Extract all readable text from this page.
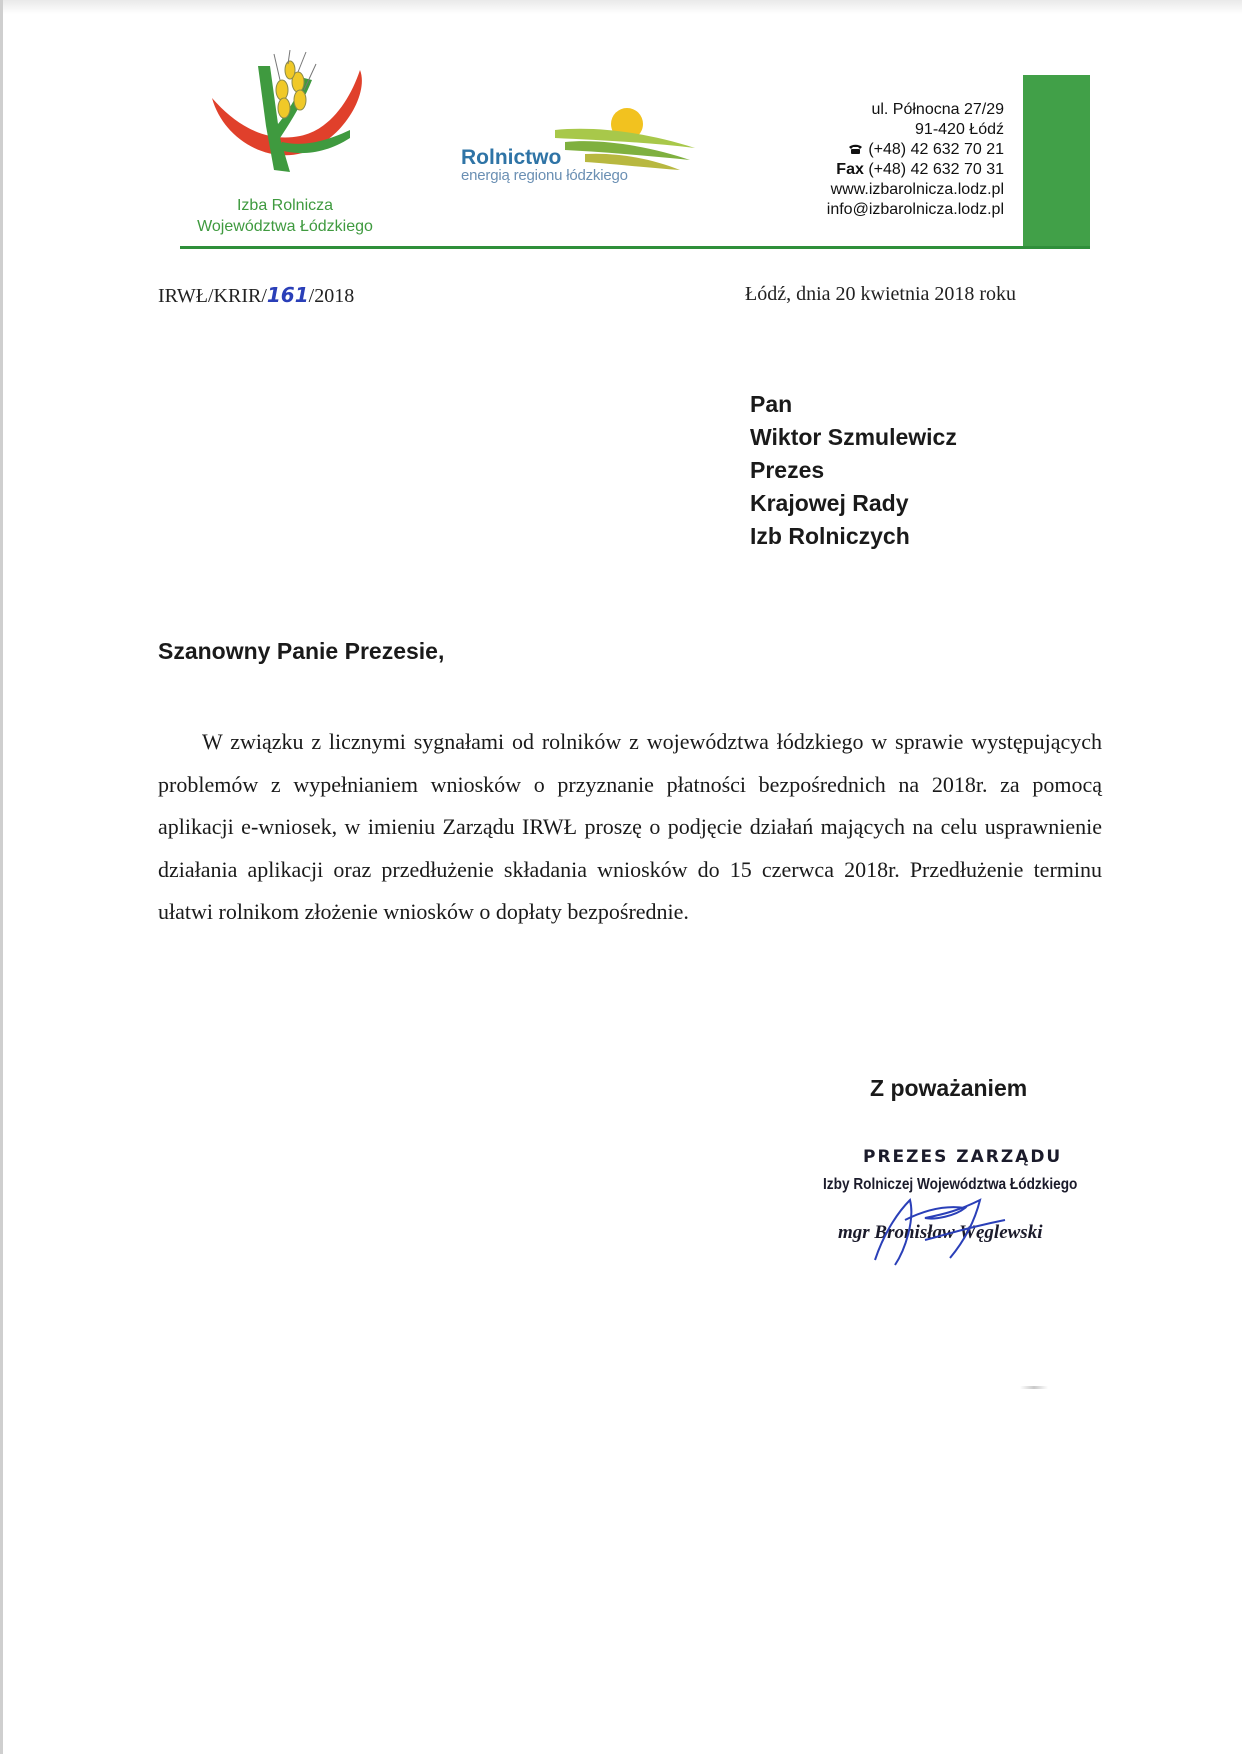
Izba Rolnicza
Województwa Łódzkiego
Rolnictwo
energią regionu łódzkiego
ul. Północna 27/29
91-420 Łódź
(+48) 42 632 70 21
Fax (+48) 42 632 70 31
www.izbarolnicza.lodz.pl
info@izbarolnicza.lodz.pl
IRWŁ/KRIR/161/2018	Łódź, dnia 20 kwietnia 2018 roku
Pan
Wiktor Szmulewicz
Prezes
Krajowej Rady
Izb Rolniczych
Szanowny Panie Prezesie,
W związku z licznymi sygnałami od rolników z województwa łódzkiego w sprawie występujących problemów z wypełnianiem wniosków o przyznanie płatności bezpośrednich na 2018r. za pomocą aplikacji e-wniosek, w imieniu Zarządu IRWŁ proszę o podjęcie działań mających na celu usprawnienie działania aplikacji oraz przedłużenie składania wniosków do 15 czerwca 2018r. Przedłużenie terminu ułatwi rolnikom złożenie wniosków o dopłaty bezpośrednie.
Z poważaniem
PREZES ZARZĄDU
Izby Rolniczej Województwa Łódzkiego
mgr Bronisław Węglewski
